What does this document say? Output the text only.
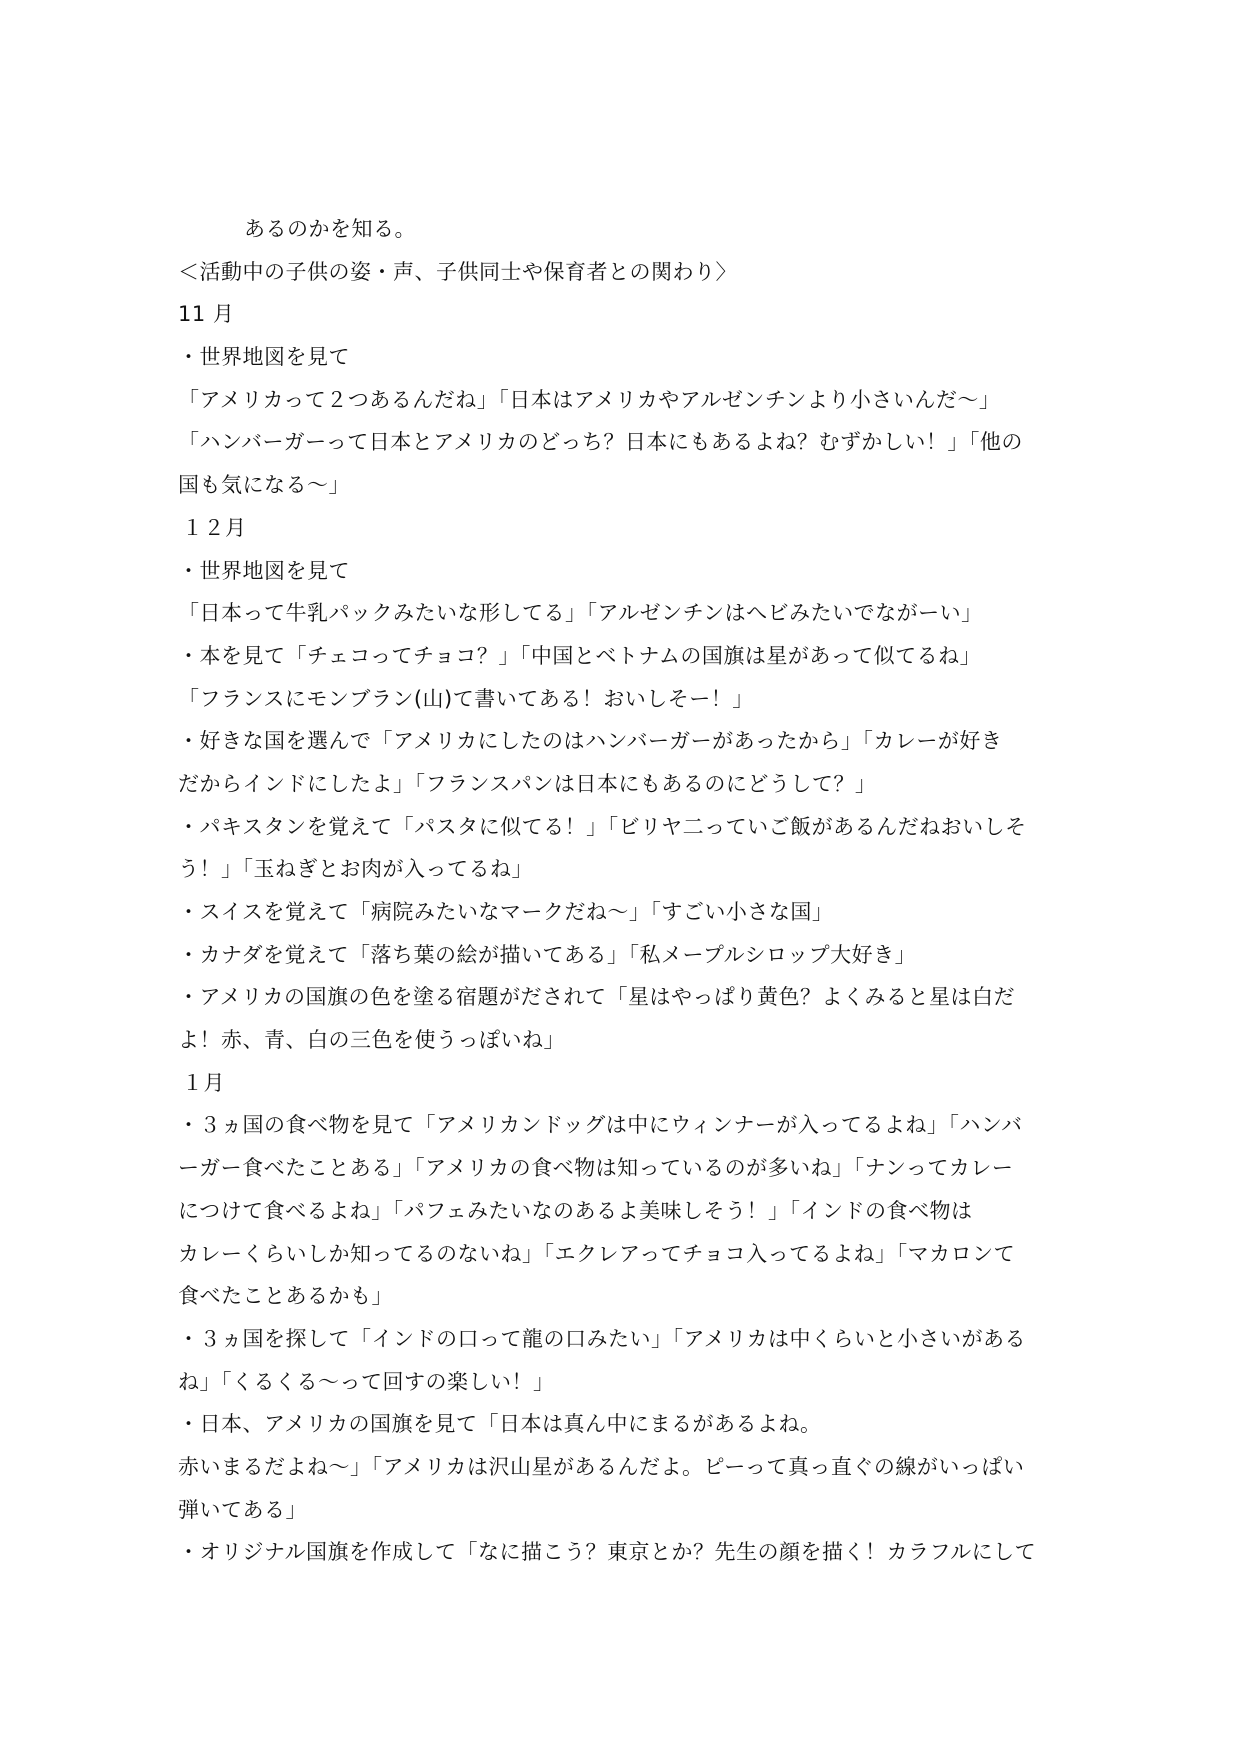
あるのかを知る。
＜活動中の子供の姿・声、子供同士や保育者との関わり〉
11 月
・世界地図を見て
「アメリカって２つあるんだね」「日本はアメリカやアルゼンチンより小さいんだ～」
「ハンバーガーって日本とアメリカのどっち？日本にもあるよね？むずかしい！」「他の
国も気になる～」
１２月
・世界地図を見て
「日本って牛乳パックみたいな形してる」「アルゼンチンはへビみたいでながーい」
・本を見て「チェコってチョコ？」「中国とベトナムの国旗は星があって似てるね」
「フランスにモンブラン(山)て書いてある！おいしそー！」
・好きな国を選んで「アメリカにしたのはハンバーガーがあったから」「カレーが好き
だからインドにしたよ」「フランスパンは日本にもあるのにどうして？」
・パキスタンを覚えて「パスタに似てる！」「ビリヤ二っていご飯があるんだねおいしそ
う！」「玉ねぎとお肉が入ってるね」
・スイスを覚えて「病院みたいなマークだね～」「すごい小さな国」
・カナダを覚えて「落ち葉の絵が描いてある」「私メープルシロップ大好き」
・アメリカの国旗の色を塗る宿題がだされて「星はやっぱり黄色？よくみると星は白だ
よ！赤、青、白の三色を使うっぽいね」
１月
・３ヵ国の食べ物を見て「アメリカンドッグは中にウィンナーが入ってるよね」「ハンバ
ーガー食べたことある」「アメリカの食べ物は知っているのが多いね」「ナンってカレー
につけて食べるよね」「パフェみたいなのあるよ美味しそう！」「インドの食べ物は
カレーくらいしか知ってるのないね」「エクレアってチョコ入ってるよね」「マカロンて
食べたことあるかも」
・３ヵ国を探して「インドの口って龍の口みたい」「アメリカは中くらいと小さいがある
ね」「くるくる～って回すの楽しい！」
・日本、アメリカの国旗を見て「日本は真ん中にまるがあるよね。
赤いまるだよね～」「アメリカは沢山星があるんだよ。ピーって真っ直ぐの線がいっぱい
弾いてある」
・オリジナル国旗を作成して「なに描こう？東京とか？先生の顔を描く！カラフルにして
